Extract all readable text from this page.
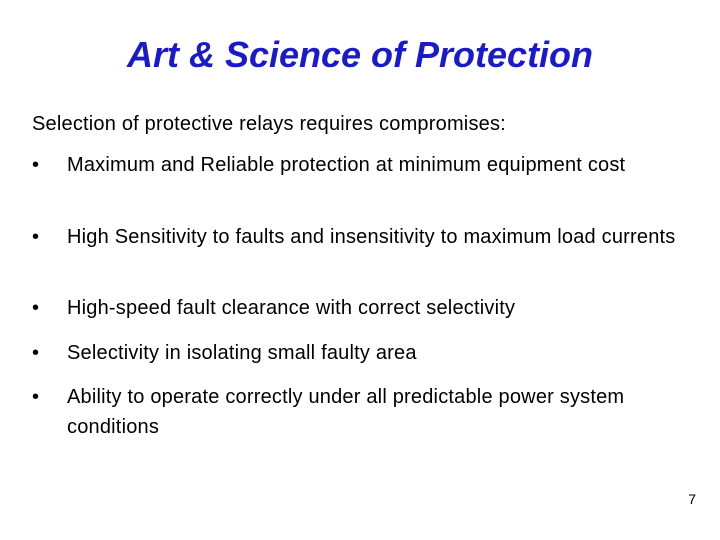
Art & Science of Protection
Selection of protective relays requires compromises:
•	Maximum and Reliable protection at minimum equipment cost
•	High Sensitivity to faults and insensitivity to maximum load currents
•	High-speed fault clearance with correct selectivity
•	Selectivity in isolating small faulty area
•	Ability to operate correctly under all predictable power system conditions
7
